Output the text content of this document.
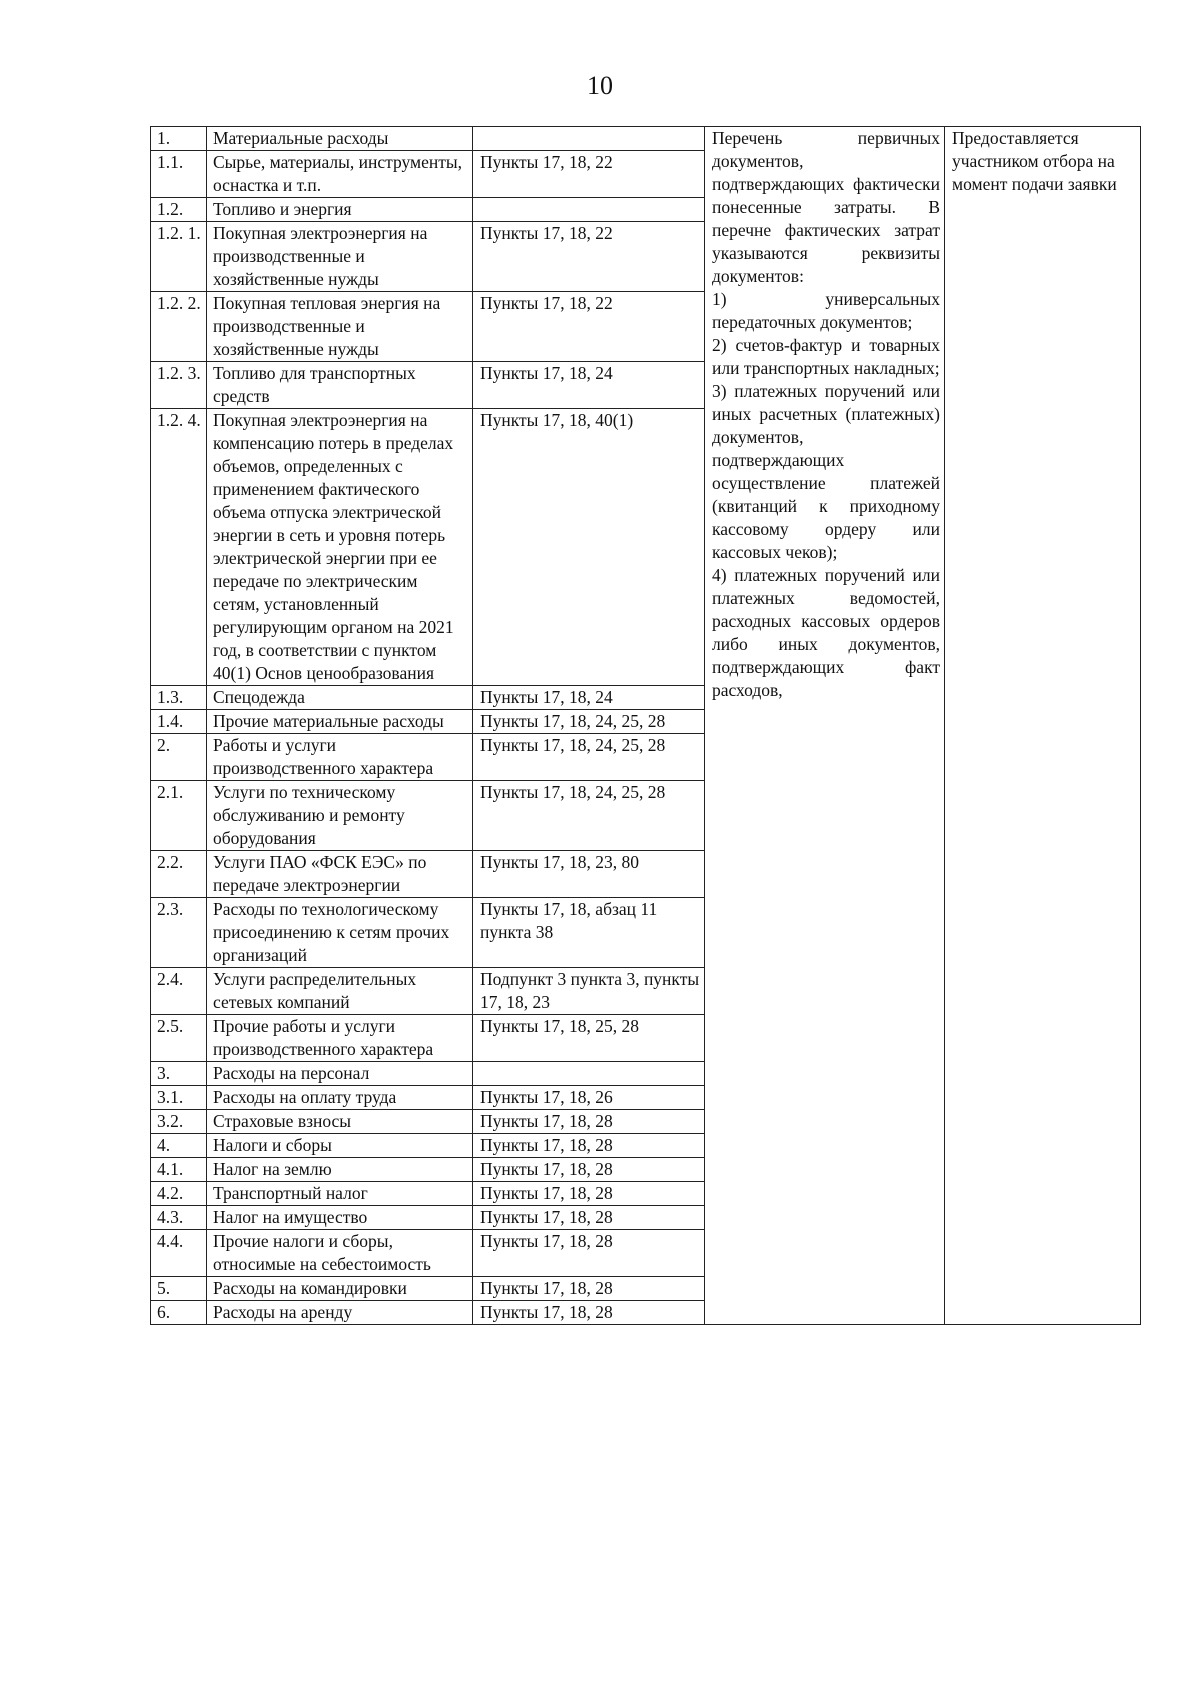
10
1.	Материальные расходы		Перечень первичных документов, подтверждающих фактически понесенные затраты. В перечне фактических затрат указываются реквизиты документов:

1) универсальных передаточных документов;

2) счетов-фактур и товарных или транспортных накладных;

3) платежных поручений или иных расчетных (платежных) документов, подтверждающих осуществление платежей (квитанций к приходному кассовому ордеру или кассовых чеков);

4) платежных поручений или платежных ведомостей, расходных кассовых ордеров либо иных документов, подтверждающих факт расходов,	Предоставляется участником отбора на момент подачи заявки
1.1.	Сырье, материалы, инструменты, оснастка и т.п.	Пункты 17, 18, 22		
1.2.	Топливо и энергия			
1.2. 1.	Покупная электроэнергия на производственные и хозяйственные нужды	Пункты 17, 18, 22		
1.2. 2.	Покупная тепловая энергия на производственные и хозяйственные нужды	Пункты 17, 18, 22		
1.2. 3.	Топливо для транспортных средств	Пункты 17, 18, 24		
1.2. 4.	Покупная электроэнергия на компенсацию потерь в пределах объемов, определенных с применением фактического объема отпуска электрической энергии в сеть и уровня потерь электрической энергии при ее передаче по электрическим сетям, установленный регулирующим органом на 2021 год, в соответствии с пунктом 40(1) Основ ценообразования	Пункты 17, 18, 40(1)		
1.3.	Спецодежда	Пункты 17, 18, 24		
1.4.	Прочие материальные расходы	Пункты 17, 18, 24, 25, 28		
2.	Работы и услуги производственного характера	Пункты 17, 18, 24, 25, 28		
2.1.	Услуги по техническому обслуживанию и ремонту оборудования	Пункты 17, 18, 24, 25, 28		
2.2.	Услуги ПАО «ФСК ЕЭС» по передаче электроэнергии	Пункты 17, 18, 23, 80		
2.3.	Расходы по технологическому присоединению к сетям прочих организаций	Пункты 17, 18, абзац 11 пункта 38		
2.4.	Услуги распределительных сетевых компаний	Подпункт 3 пункта 3, пункты 17, 18, 23		
2.5.	Прочие работы и услуги производственного характера	Пункты 17, 18, 25, 28		
3.	Расходы на персонал			
3.1.	Расходы на оплату труда	Пункты 17, 18, 26		
3.2.	Страховые взносы	Пункты 17, 18, 28		
4.	Налоги и сборы	Пункты 17, 18, 28		
4.1.	Налог на землю	Пункты 17, 18, 28		
4.2.	Транспортный налог	Пункты 17, 18, 28		
4.3.	Налог на имущество	Пункты 17, 18, 28		
4.4.	Прочие налоги и сборы, относимые на себестоимость	Пункты 17, 18, 28		
5.	Расходы на командировки	Пункты 17, 18, 28		
6.	Расходы на аренду	Пункты 17, 18, 28		
